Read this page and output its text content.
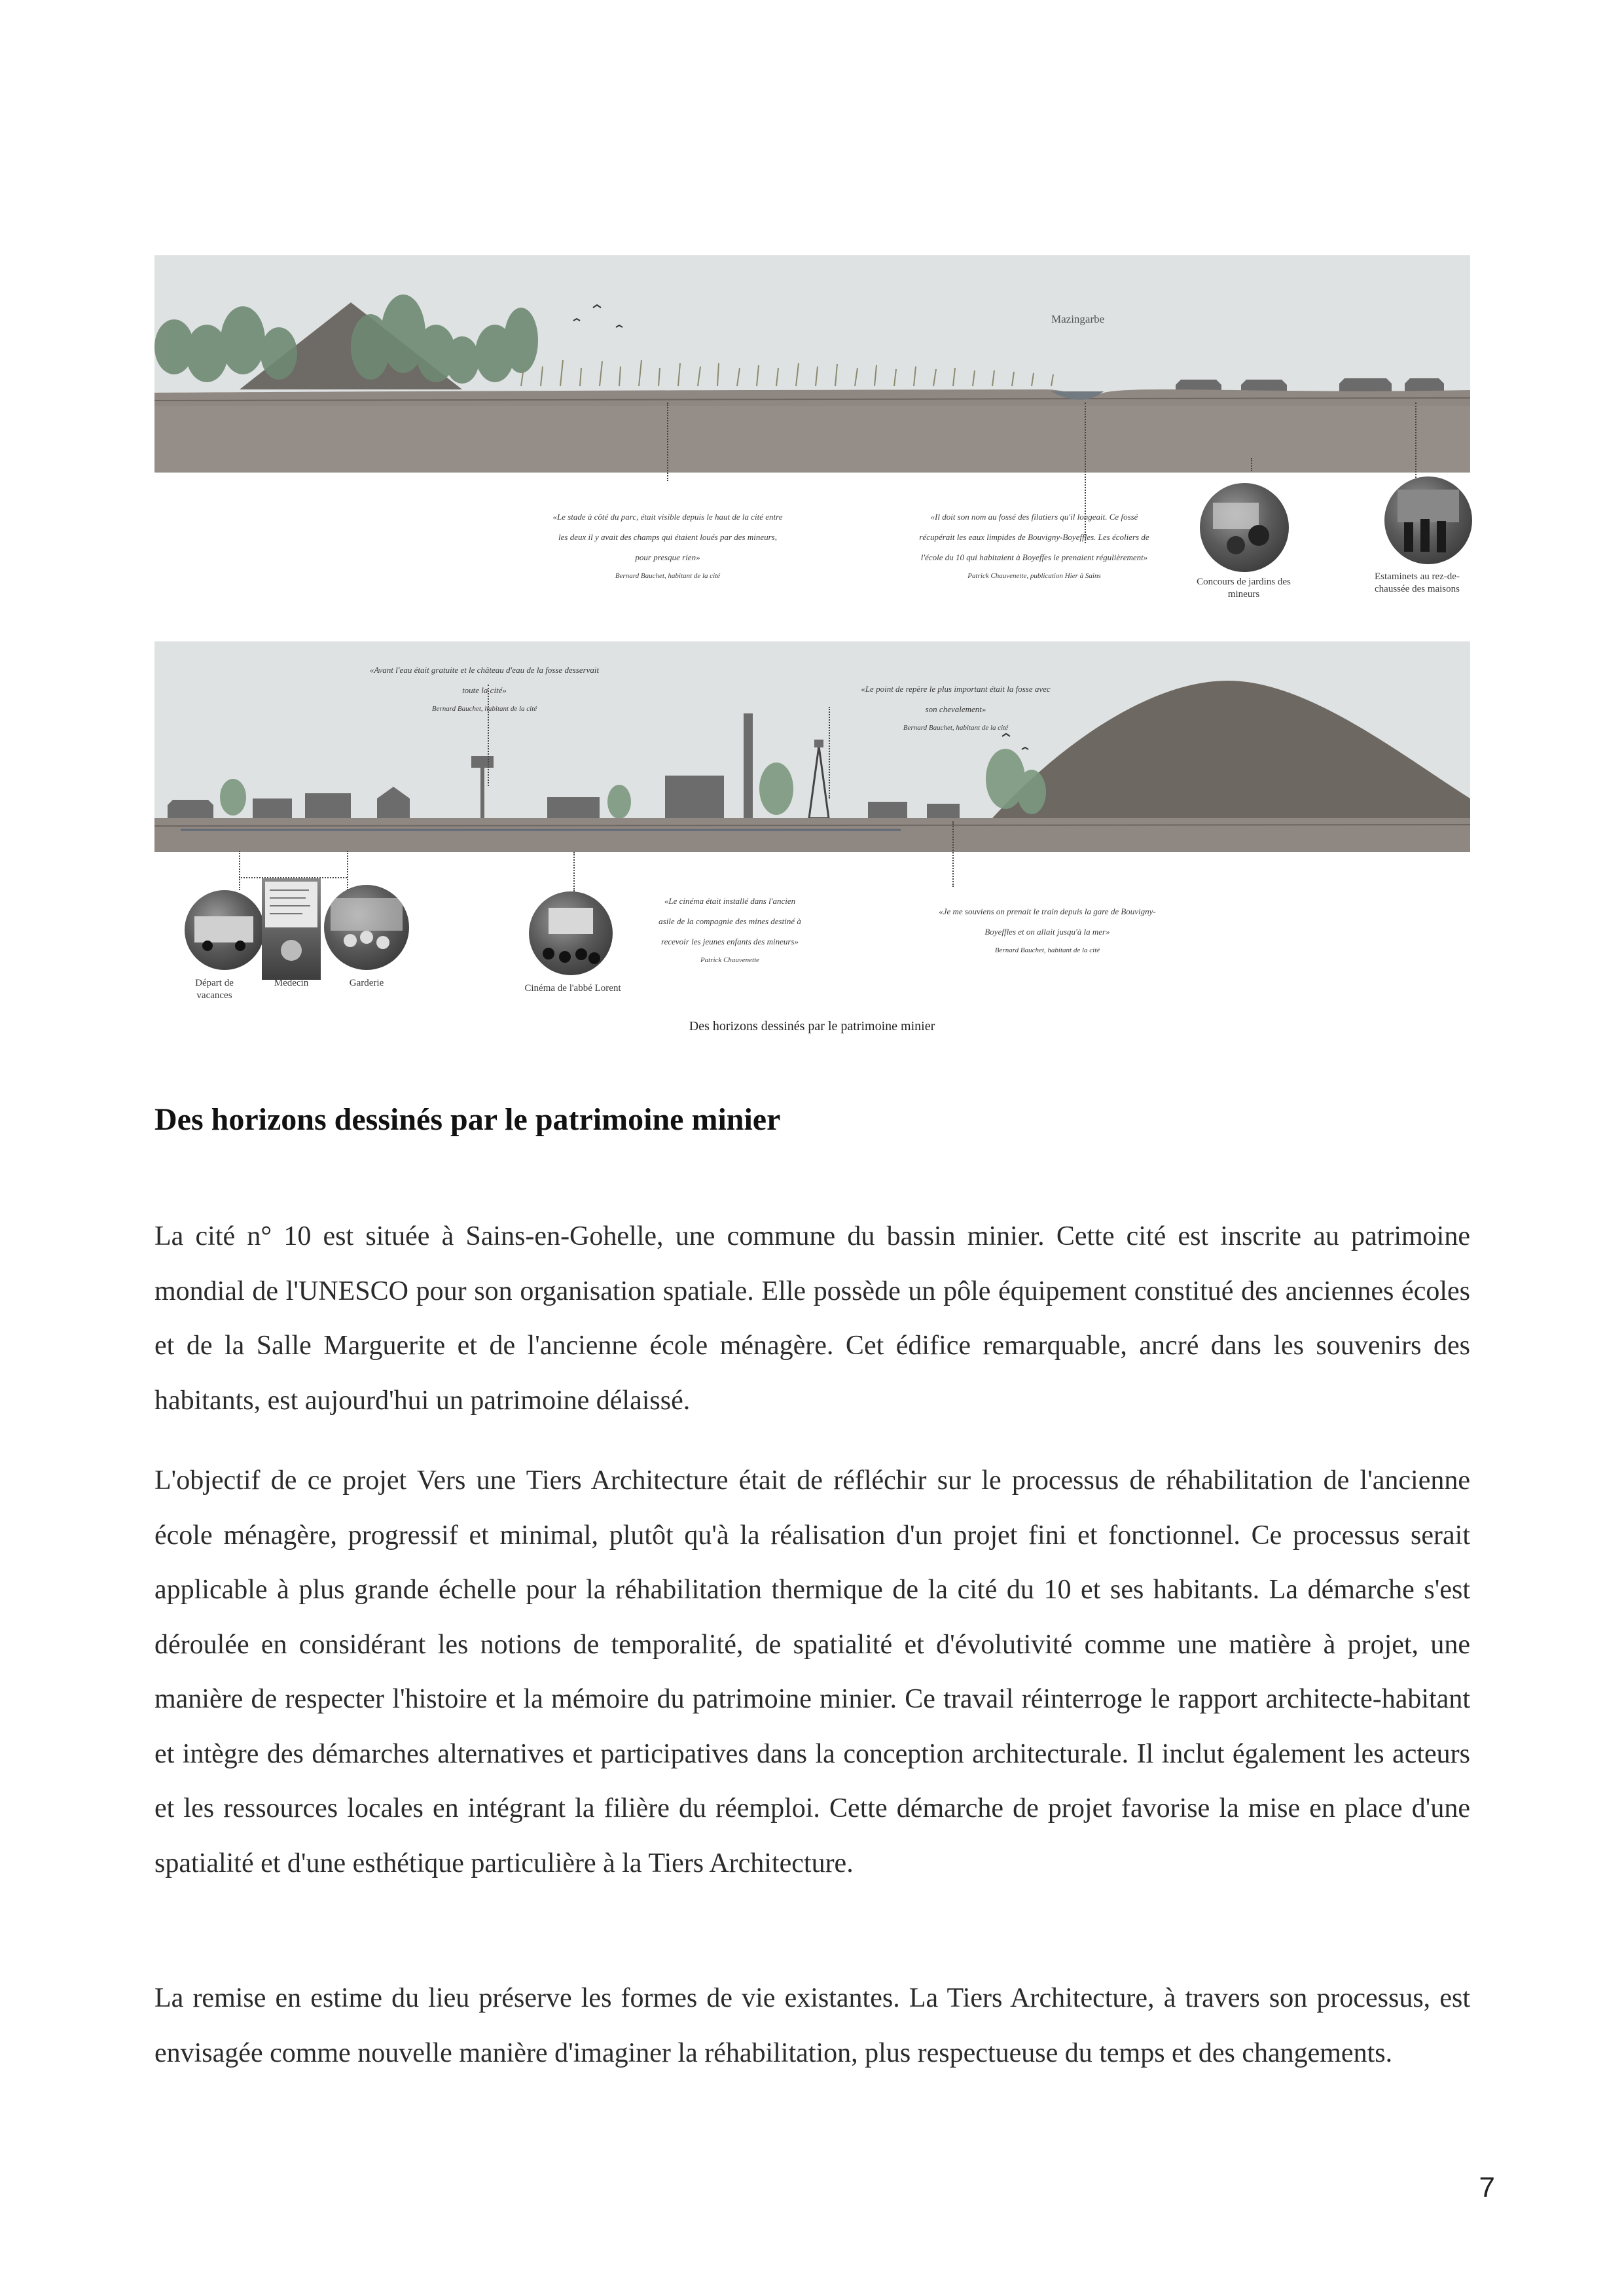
Mazingarbe

«Le stade à côté du parc, était visible depuis le haut de la cité entre
les deux il y avait des champs qui étaient loués par des mineurs,
pour presque rien»

Bernard Bauchet, habitant de la cité

«Il doit son nom au fossé des filatiers qu'il longeait. Ce fossé
récupérait les eaux limpides de Bouvigny-Boyeffles. Les écoliers de
l'école du 10 qui habitaient à Boyeffes le prenaient régulièrement»

Patrick Chauvenette, publication Hier à Sains

Concours de jardins des
mineurs
Estaminets au rez-de-
chaussée des maisons

«Avant l'eau était gratuite et le château d'eau de la fosse desservait
toute la cité»

Bernard Bauchet, habitant de la cité

«Le point de repère le plus important était la fosse avec
son chevalement»

Bernard Bauchet, habitant de la cité

«Le cinéma était installé dans l'ancien
asile de la compagnie des mines destiné à
recevoir les jeunes enfants des mineurs»

Patrick Chauvenette

«Je me souviens on prenait le train depuis la gare de Bouvigny-
Boyeffles et on allait jusqu'à la mer»

Bernard Bauchet, habitant de la cité

Départ de
vacances
Médecin	Garderie	Cinéma de l'abbé Lorent
Des horizons dessinés par le patrimoine minier
Des horizons dessinés par le patrimoine minier

La cité n° 10 est située à Sains-en-Gohelle, une commune du bassin minier. Cette cité est inscrite au patrimoine mondial de l'UNESCO pour son organisation spatiale. Elle possède un pôle équipement constitué des anciennes écoles et de la Salle Marguerite et de l'ancienne école ménagère. Cet édifice remarquable, ancré dans les souvenirs des habitants, est aujourd'hui un patrimoine délaissé.

L'objectif de ce projet Vers une Tiers Architecture était de réfléchir sur le processus de réhabilitation de l'ancienne école ménagère, progressif et minimal, plutôt qu'à la réalisation d'un projet fini et fonctionnel. Ce processus serait applicable à plus grande échelle pour la réhabilitation thermique de la cité du 10 et ses habitants. La démarche s'est déroulée en considérant les notions de temporalité, de spatialité et d'évolutivité comme une matière à projet, une manière de respecter l'histoire et la mémoire du patrimoine minier. Ce travail réinterroge le rapport architecte-habitant et intègre des démarches alternatives et participatives dans la conception architecturale. Il inclut également les acteurs et les ressources locales en intégrant la filière du réemploi. Cette démarche de projet favorise la mise en place d'une spatialité et d'une esthétique particulière à la Tiers Architecture.

La remise en estime du lieu préserve les formes de vie existantes. La Tiers Architecture, à travers son processus, est envisagée comme nouvelle manière d'imaginer la réhabilitation, plus respectueuse du temps et des changements.

7
